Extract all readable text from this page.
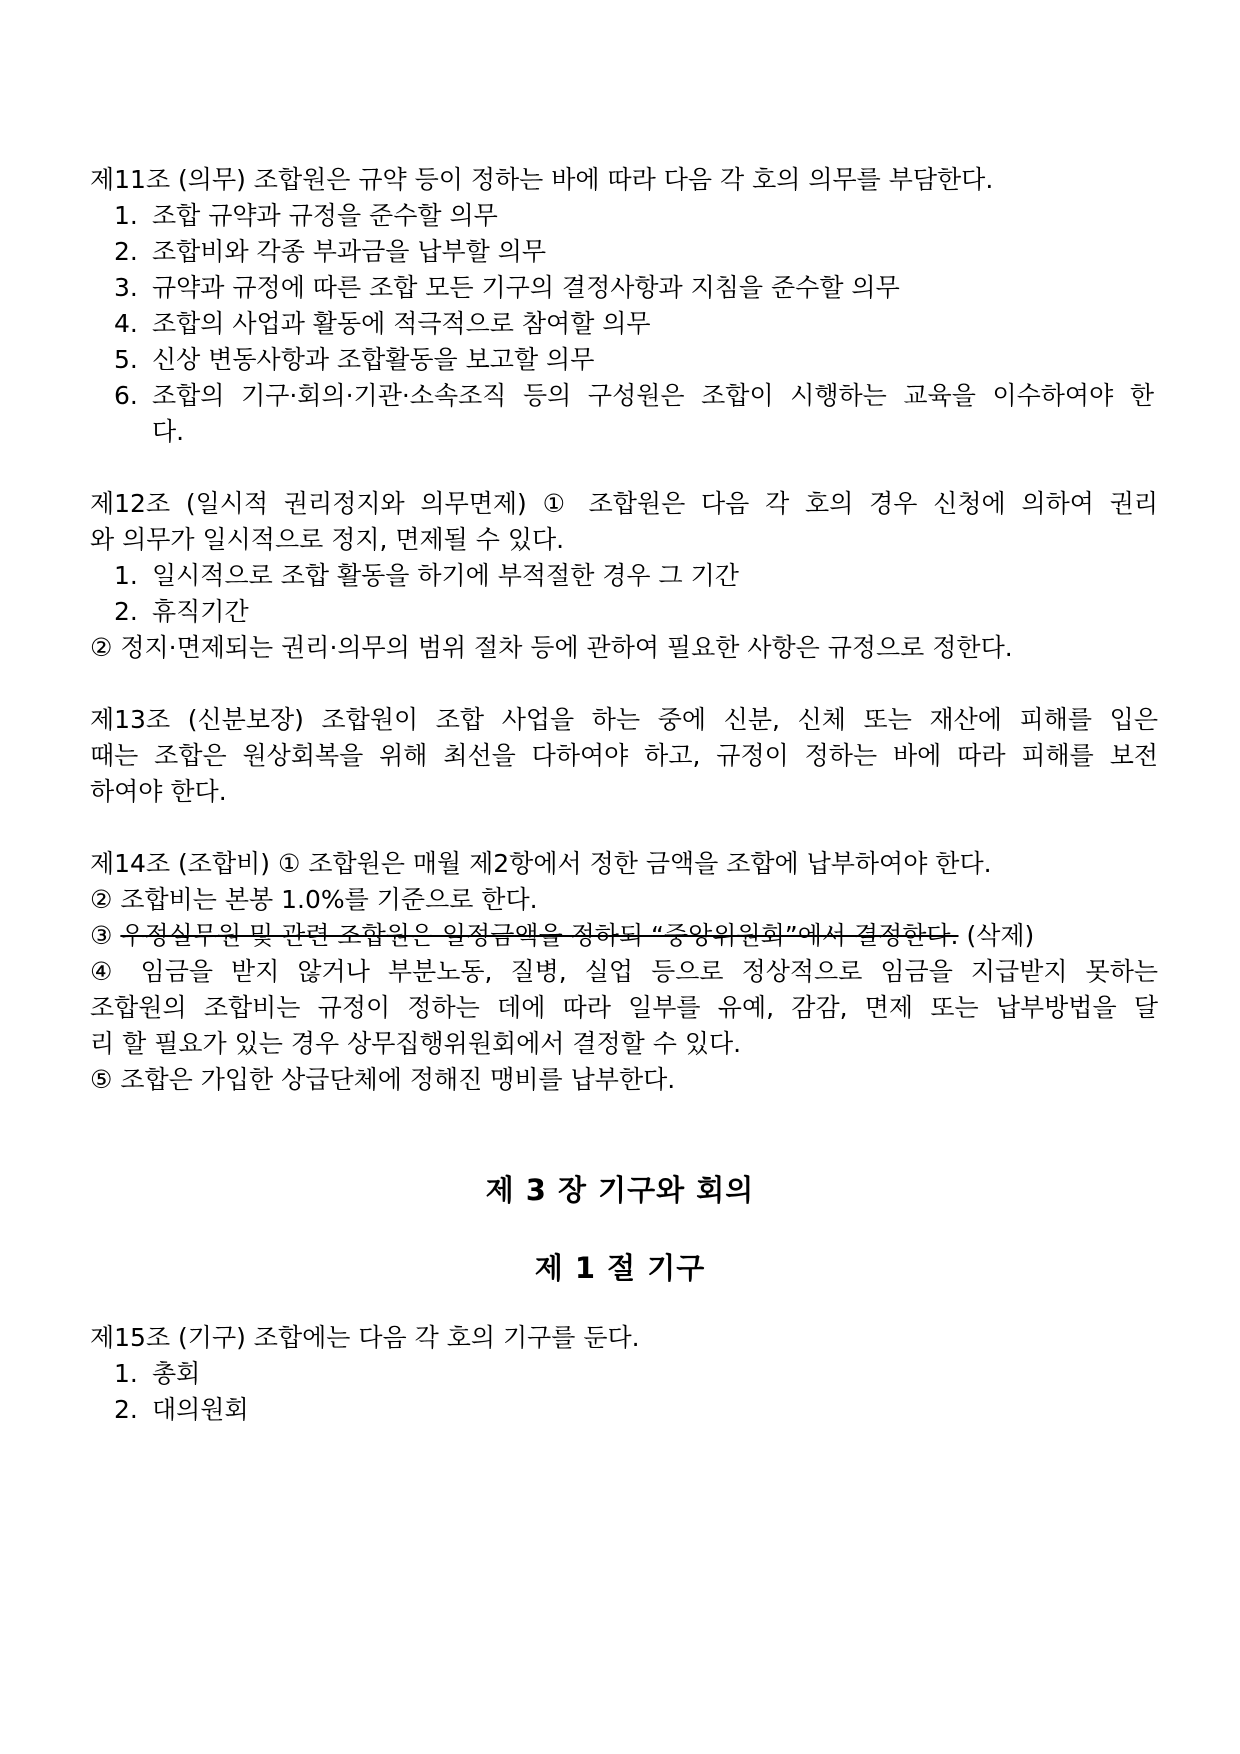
제11조 (의무) 조합원은 규약 등이 정하는 바에 따라 다음 각 호의 의무를 부담한다.
1. 조합 규약과 규정을 준수할 의무
2. 조합비와 각종 부과금을 납부할 의무
3. 규약과 규정에 따른 조합 모든 기구의 결정사항과 지침을 준수할 의무
4. 조합의 사업과 활동에 적극적으로 참여할 의무
5. 신상 변동사항과 조합활동을 보고할 의무
6. 조합의 기구·회의·기관·소속조직 등의 구성원은 조합이 시행하는 교육을 이수하여야 한
다.
제12조 (일시적 권리정지와 의무면제) ① 조합원은 다음 각 호의 경우 신청에 의하여 권리
와 의무가 일시적으로 정지, 면제될 수 있다.
1. 일시적으로 조합 활동을 하기에 부적절한 경우 그 기간
2. 휴직기간
② 정지·면제되는 권리·의무의 범위 절차 등에 관하여 필요한 사항은 규정으로 정한다.
제13조 (신분보장) 조합원이 조합 사업을 하는 중에 신분, 신체 또는 재산에 피해를 입은
때는 조합은 원상회복을 위해 최선을 다하여야 하고, 규정이 정하는 바에 따라 피해를 보전
하여야 한다.
제14조 (조합비) ① 조합원은 매월 제2항에서 정한 금액을 조합에 납부하여야 한다.
② 조합비는 본봉 1.0%를 기준으로 한다.
③ 우정실무원 및 관련 조합원은 일정금액을 정하되 “중앙위원회”에서 결정한다. (삭제)
④ 임금을 받지 않거나 부분노동, 질병, 실업 등으로 정상적으로 임금을 지급받지 못하는
조합원의 조합비는 규정이 정하는 데에 따라 일부를 유예, 감감, 면제 또는 납부방법을 달
리 할 필요가 있는 경우 상무집행위원회에서 결정할 수 있다.
⑤ 조합은 가입한 상급단체에 정해진 맹비를 납부한다.
제 3 장 기구와 회의
제 1 절 기구
제15조 (기구) 조합에는 다음 각 호의 기구를 둔다.
1. 총회
2. 대의원회
